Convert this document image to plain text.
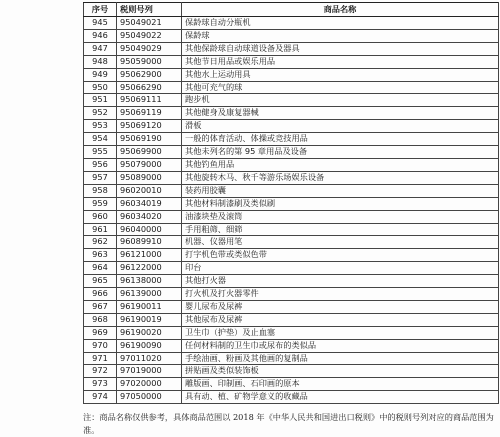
序号	税则号列	商品名称
945	95049021	保龄球自动分瓶机
946	95049022	保龄球
947	95049029	其他保龄球自动球道设备及器具
948	95059000	其他节日用品或娱乐用品
949	95062900	其他水上运动用具
950	95066290	其他可充气的球
951	95069111	跑步机
952	95069119	其他健身及康复器械
953	95069120	滑板
954	95069190	一般的体育活动、体操或竞技用品
955	95069900	其他未列名的第 95 章用品及设备
956	95079000	其他钓鱼用品
957	95089000	其他旋转木马、秋千等游乐场娱乐设备
958	96020010	装药用胶囊
959	96034019	其他材料制漆刷及类似刷
960	96034020	油漆块垫及滚筒
961	96040000	手用粗筛、细筛
962	96089910	机器、仪器用笔
963	96121000	打字机色带或类似色带
964	96122000	印台
965	96138000	其他打火器
966	96139000	打火机及打火器零件
967	96190011	婴儿尿布及尿裤
968	96190019	其他尿布及尿裤
969	96190020	卫生巾（护垫）及止血塞
970	96190090	任何材料制的卫生巾或尿布的类似品
971	97011020	手绘油画、粉画及其他画的复制品
972	97019000	拼贴画及类似装饰板
973	97020000	雕版画、印制画、石印画的原本
974	97050000	具有动、植、矿物学意义的收藏品
注：商品名称仅供参考，具体商品范围以 2018 年《中华人民共和国进出口税则》中的税则号列对应的商品范围为准。
